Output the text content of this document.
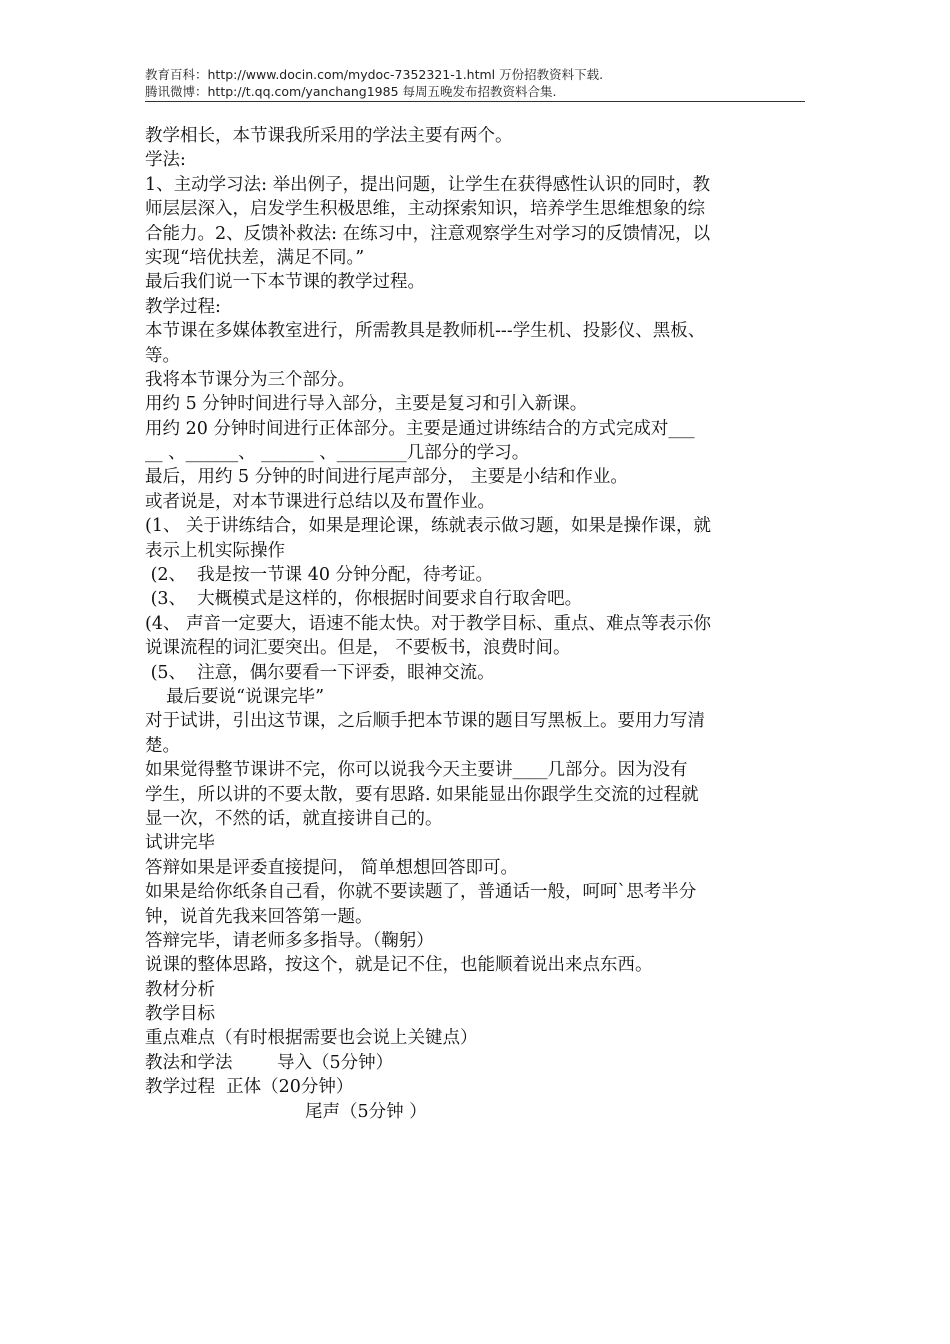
教育百科：http://www.docin.com/mydoc-7352321-1.html 万份招教资料下载.
腾讯微博：http://t.qq.com/yanchang1985 每周五晚发布招教资料合集.
教学相长，本节课我所采用的学法主要有两个。
学法:
1、主动学习法: 举出例子，提出问题，让学生在获得感性认识的同时，教
师层层深入，启发学生积极思维，主动探索知识，培养学生思维想象的综
合能力。2、反馈补救法: 在练习中，注意观察学生对学习的反馈情况，以
实现“培优扶差，满足不同。”
最后我们说一下本节课的教学过程。
教学过程:
本节课在多媒体教室进行，所需教具是教师机---学生机、投影仪、黑板、
等。
我将本节课分为三个部分。
用约 5 分钟时间进行导入部分，主要是复习和引入新课。
用约 20 分钟时间进行正体部分。主要是通过讲练结合的方式完成对___
__ 、______、 ______ 、________几部分的学习。
最后，用约 5 分钟的时间进行尾声部分， 主要是小结和作业。
或者说是，对本节课进行总结以及布置作业。
(1、 关于讲练结合，如果是理论课，练就表示做习题，如果是操作课，就
表示上机实际操作
(2、  我是按一节课 40 分钟分配，待考证。
(3、  大概模式是这样的，你根据时间要求自行取舍吧。
(4、 声音一定要大，语速不能太快。对于教学目标、重点、难点等表示你
说课流程的词汇要突出。但是， 不要板书，浪费时间。
(5、  注意，偶尔要看一下评委，眼神交流。
最后要说“说课完毕”
对于试讲，引出这节课，之后顺手把本节课的题目写黑板上。要用力写清
楚。
如果觉得整节课讲不完，你可以说我今天主要讲____几部分。因为没有
学生，所以讲的不要太散，要有思路. 如果能显出你跟学生交流的过程就
显一次，不然的话，就直接讲自己的。
试讲完毕
答辩如果是评委直接提问， 简单想想回答即可。
如果是给你纸条自己看，你就不要读题了，普通话一般，呵呵`思考半分
钟，说首先我来回答第一题。
答辩完毕，请老师多多指导。（鞠躬）
说课的整体思路，按这个，就是记不住，也能顺着说出来点东西。
教材分析
教学目标
重点难点（有时根据需要也会说上关键点）
教法和学法        导入（5分钟）
教学过程  正体（20分钟）
尾声（5分钟 ）
